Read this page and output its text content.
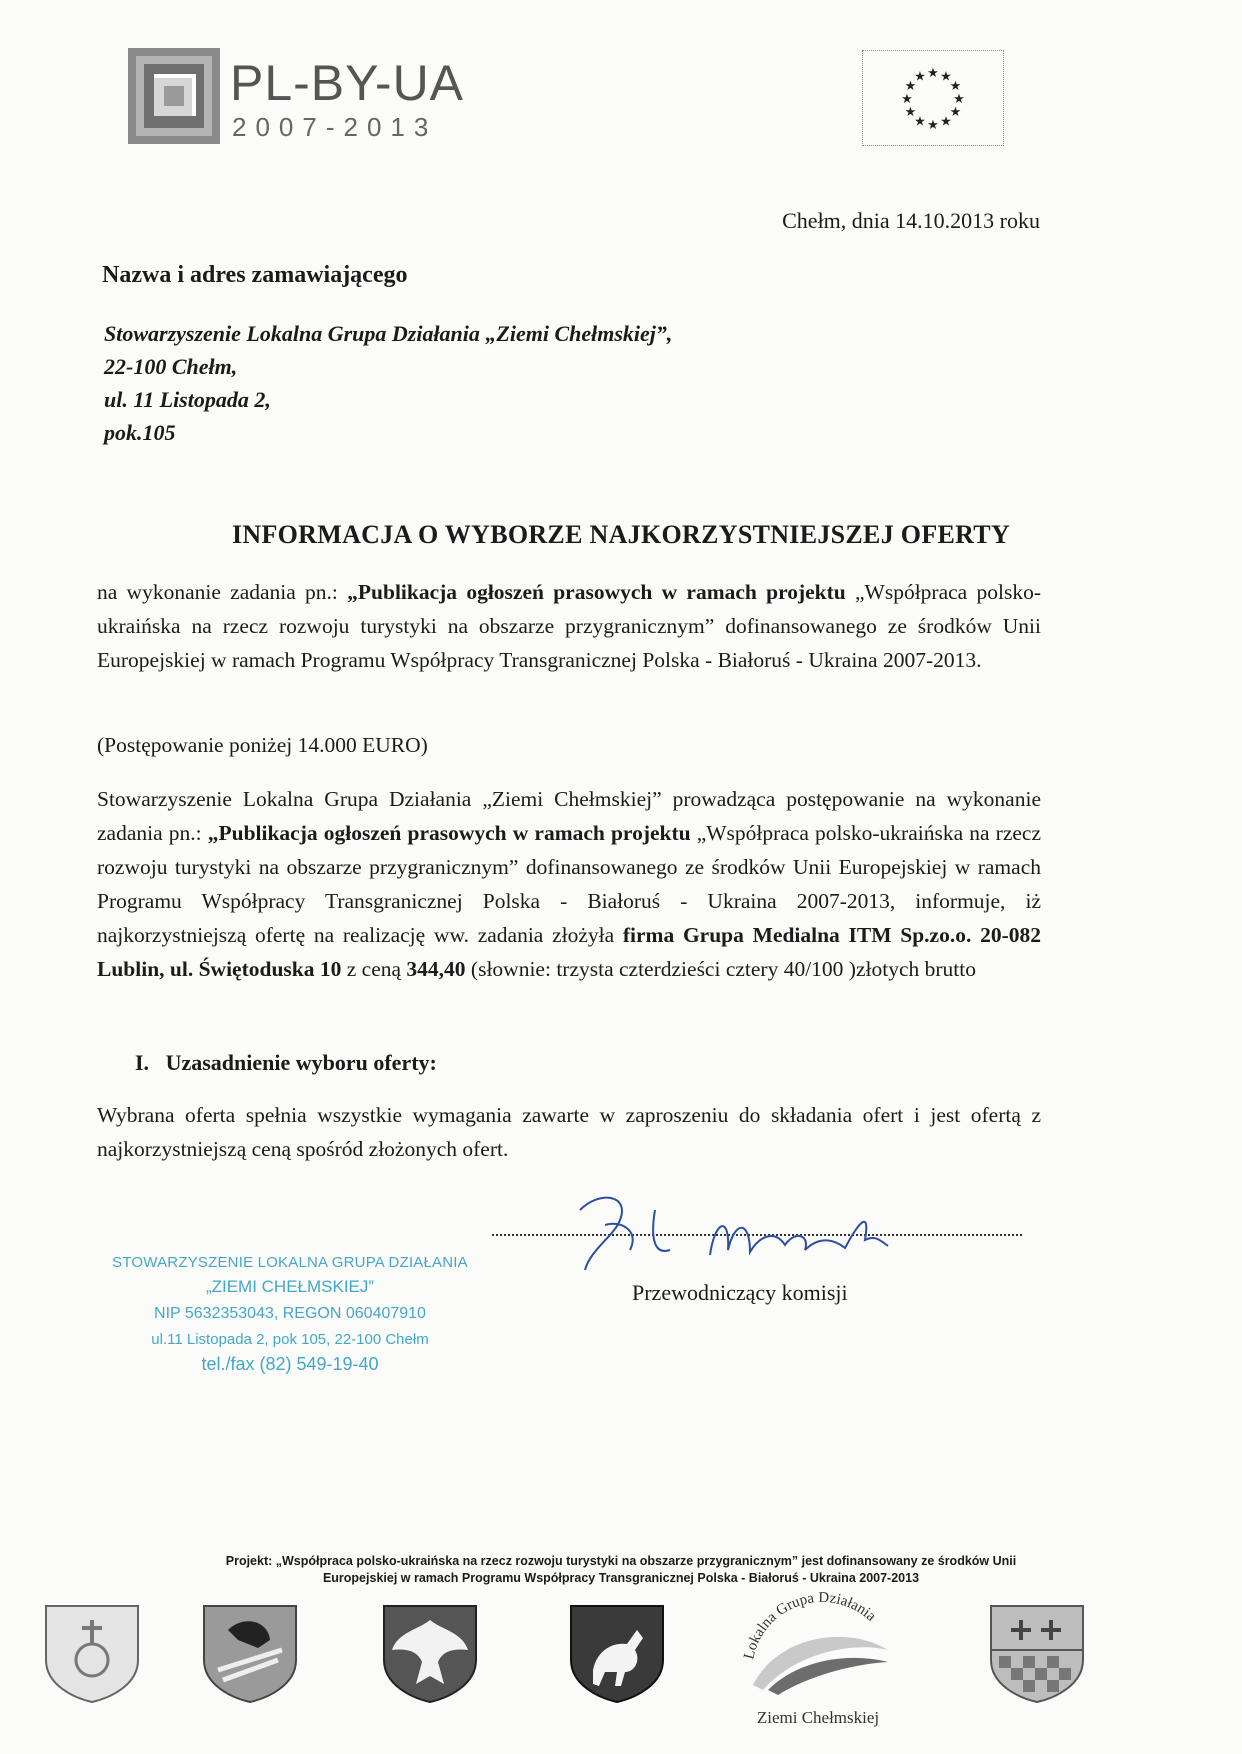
PL-BY-UA
2007-2013
★ ★
★
★
★
★
★
★
★
★
★
★
Chełm, dnia 14.10.2013 roku
Nazwa i adres zamawiającego
Stowarzyszenie Lokalna Grupa Działania „Ziemi Chełmskiej”,
22-100 Chełm,
ul. 11 Listopada 2,
pok.105
INFORMACJA O WYBORZE NAJKORZYSTNIEJSZEJ OFERTY
na wykonanie zadania pn.: „Publikacja ogłoszeń prasowych w ramach projektu „Współpraca polsko-ukraińska na rzecz rozwoju turystyki na obszarze przygranicznym” dofinansowanego ze środków Unii Europejskiej w ramach Programu Współpracy Transgranicznej Polska - Białoruś - Ukraina 2007-2013.
(Postępowanie poniżej 14.000 EURO)
Stowarzyszenie Lokalna Grupa Działania „Ziemi Chełmskiej” prowadząca postępowanie na wykonanie zadania pn.: „Publikacja ogłoszeń prasowych w ramach projektu „Współpraca polsko-ukraińska na rzecz rozwoju turystyki na obszarze przygranicznym” dofinansowanego ze środków Unii Europejskiej w ramach Programu Współpracy Transgranicznej Polska - Białoruś - Ukraina 2007-2013, informuje, iż najkorzystniejszą ofertę na realizację ww. zadania złożyła firma Grupa Medialna ITM Sp.zo.o. 20-082 Lublin, ul. Świętoduska 10 z ceną 344,40 (słownie: trzysta czterdzieści cztery 40/100 )złotych brutto
I. Uzasadnienie wyboru oferty:
Wybrana oferta spełnia wszystkie wymagania zawarte w zaproszeniu do składania ofert i jest ofertą z najkorzystniejszą ceną spośród złożonych ofert.
Przewodniczący komisji
STOWARZYSZENIE LOKALNA GRUPA DZIAŁANIA
„ZIEMI CHEŁMSKIEJ”
NIP 5632353043, REGON 060407910
ul.11 Listopada 2, pok 105, 22-100 Chełm
tel./fax (82) 549-19-40
Projekt: „Współpraca polsko-ukraińska na rzecz rozwoju turystyki na obszarze przygranicznym” jest dofinansowany ze środków Unii
Europejskiej w ramach Programu Współpracy Transgranicznej Polska - Białoruś - Ukraina 2007-2013
Lokalna Grupa Działania
Ziemi Chełmskiej
